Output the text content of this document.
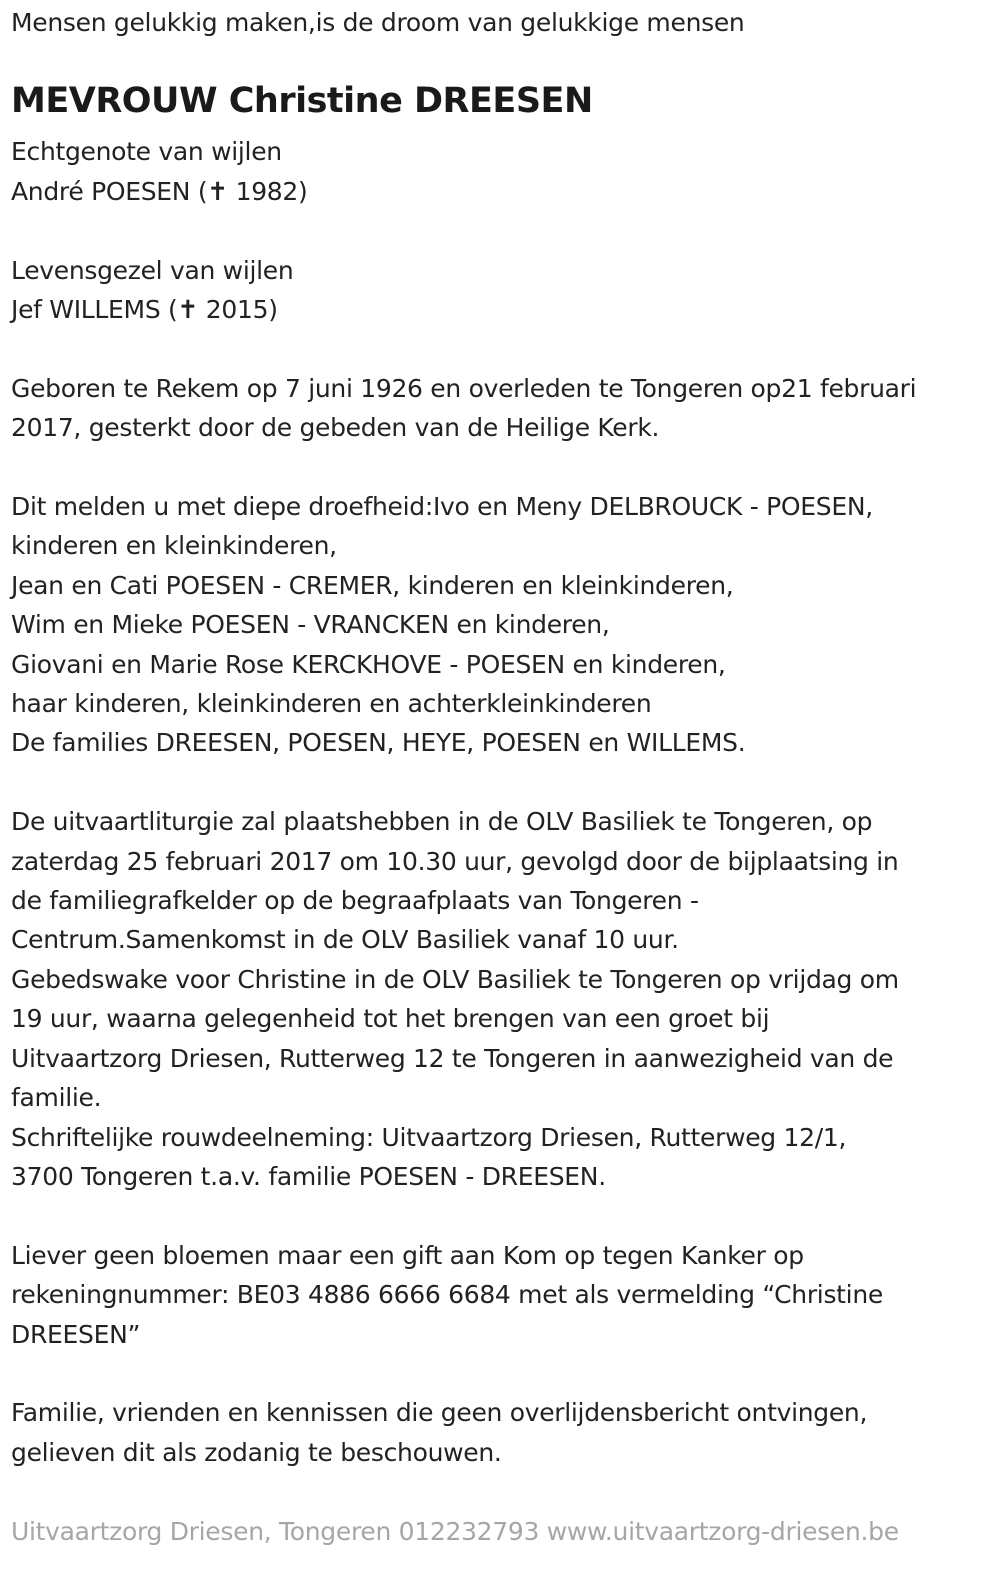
Mensen gelukkig maken,is de droom van gelukkige mensen
MEVROUW Christine DREESEN
Echtgenote van wijlen
André POESEN (✝ 1982)
Levensgezel van wijlen
Jef WILLEMS (✝ 2015)
Geboren te Rekem op 7 juni 1926 en overleden te Tongeren op21 februari
2017, gesterkt door de gebeden van de Heilige Kerk.
Dit melden u met diepe droefheid:Ivo en Meny DELBROUCK - POESEN,
kinderen en kleinkinderen,
Jean en Cati POESEN - CREMER, kinderen en kleinkinderen,
Wim en Mieke POESEN - VRANCKEN en kinderen,
Giovani en Marie Rose KERCKHOVE - POESEN en kinderen,
haar kinderen, kleinkinderen en achterkleinkinderen
De families DREESEN, POESEN, HEYE, POESEN en WILLEMS.
De uitvaartliturgie zal plaatshebben in de OLV Basiliek te Tongeren, op
zaterdag 25 februari 2017 om 10.30 uur, gevolgd door de bijplaatsing in
de familiegrafkelder op de begraafplaats van Tongeren -
Centrum.Samenkomst in de OLV Basiliek vanaf 10 uur.
Gebedswake voor Christine in de OLV Basiliek te Tongeren op vrijdag om
19 uur, waarna gelegenheid tot het brengen van een groet bij
Uitvaartzorg Driesen, Rutterweg 12 te Tongeren in aanwezigheid van de
familie.
Schriftelijke rouwdeelneming: Uitvaartzorg Driesen, Rutterweg 12/1,
3700 Tongeren t.a.v. familie POESEN - DREESEN.
Liever geen bloemen maar een gift aan Kom op tegen Kanker op
rekeningnummer: BE03 4886 6666 6684 met als vermelding “Christine
DREESEN”
Familie, vrienden en kennissen die geen overlijdensbericht ontvingen,
gelieven dit als zodanig te beschouwen.
Uitvaartzorg Driesen, Tongeren 012232793 www.uitvaartzorg-driesen.be
